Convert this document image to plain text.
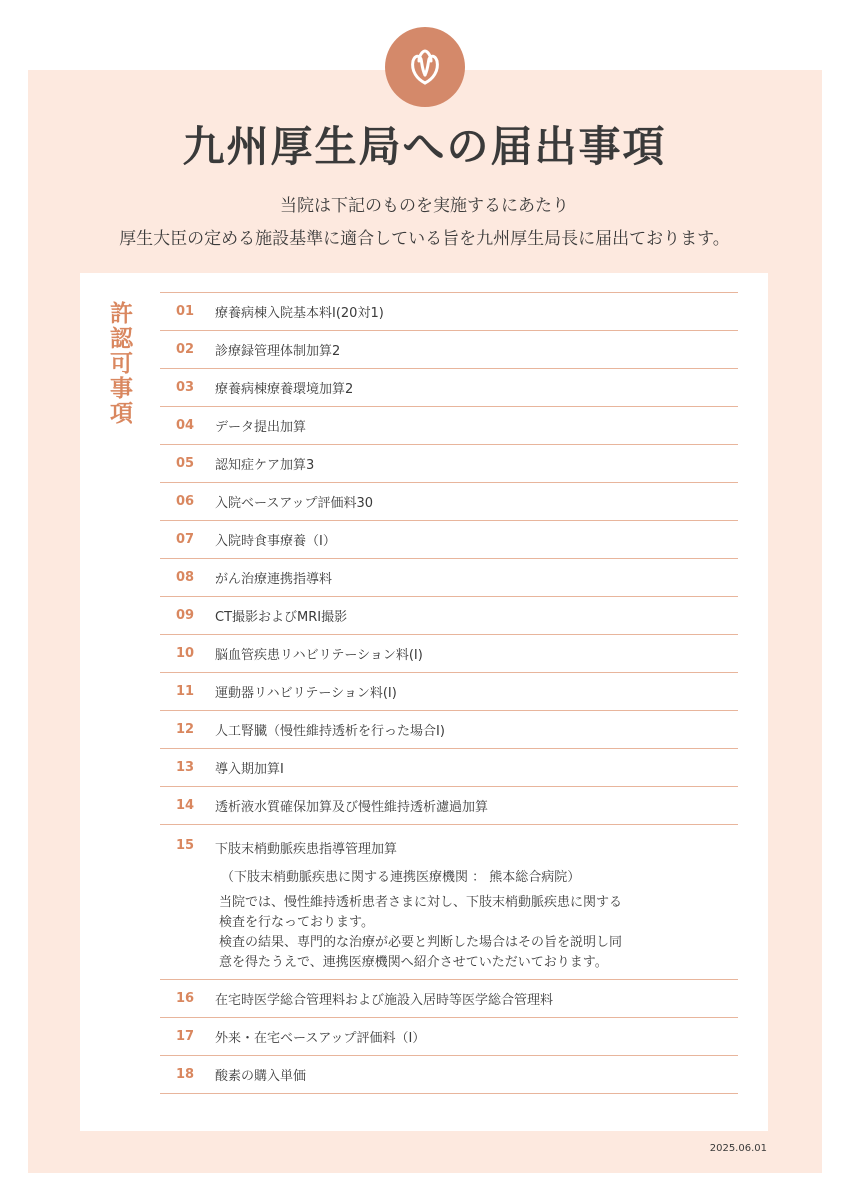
九州厚生局への届出事項
当院は下記のものを実施するにあたり
厚生大臣の定める施設基準に適合している旨を九州厚生局長に届出ております。
許認可事項	01	療養病棟入院基本料Ⅰ(20対1)
02	診療録管理体制加算2
03	療養病棟療養環境加算2
04	データ提出加算
05	認知症ケア加算3
06	入院ベースアップ評価料30
07	入院時食事療養（Ⅰ）
08	がん治療連携指導料
09	CT撮影およびMRI撮影
10	脳血管疾患リハビリテーション料(Ⅰ)
11	運動器リハビリテーション料(Ⅰ)
12	人工腎臓（慢性維持透析を行った場合Ⅰ)
13	導入期加算Ⅰ
14	透析液水質確保加算及び慢性維持透析濾過加算
15	下肢末梢動脈疾患指導管理加算
（下肢末梢動脈疾患に関する連携医療機関 ： 熊本総合病院）
当院では、慢性維持透析患者さまに対し、下肢末梢動脈疾患に関する
検査を行なっております。
検査の結果、専門的な治療が必要と判断した場合はその旨を説明し同
意を得たうえで、連携医療機関へ紹介させていただいております。
16	在宅時医学総合管理料および施設入居時等医学総合管理料
17	外来・在宅ベースアップ評価料（Ⅰ）
18	酸素の購入単価
2025.06.01
